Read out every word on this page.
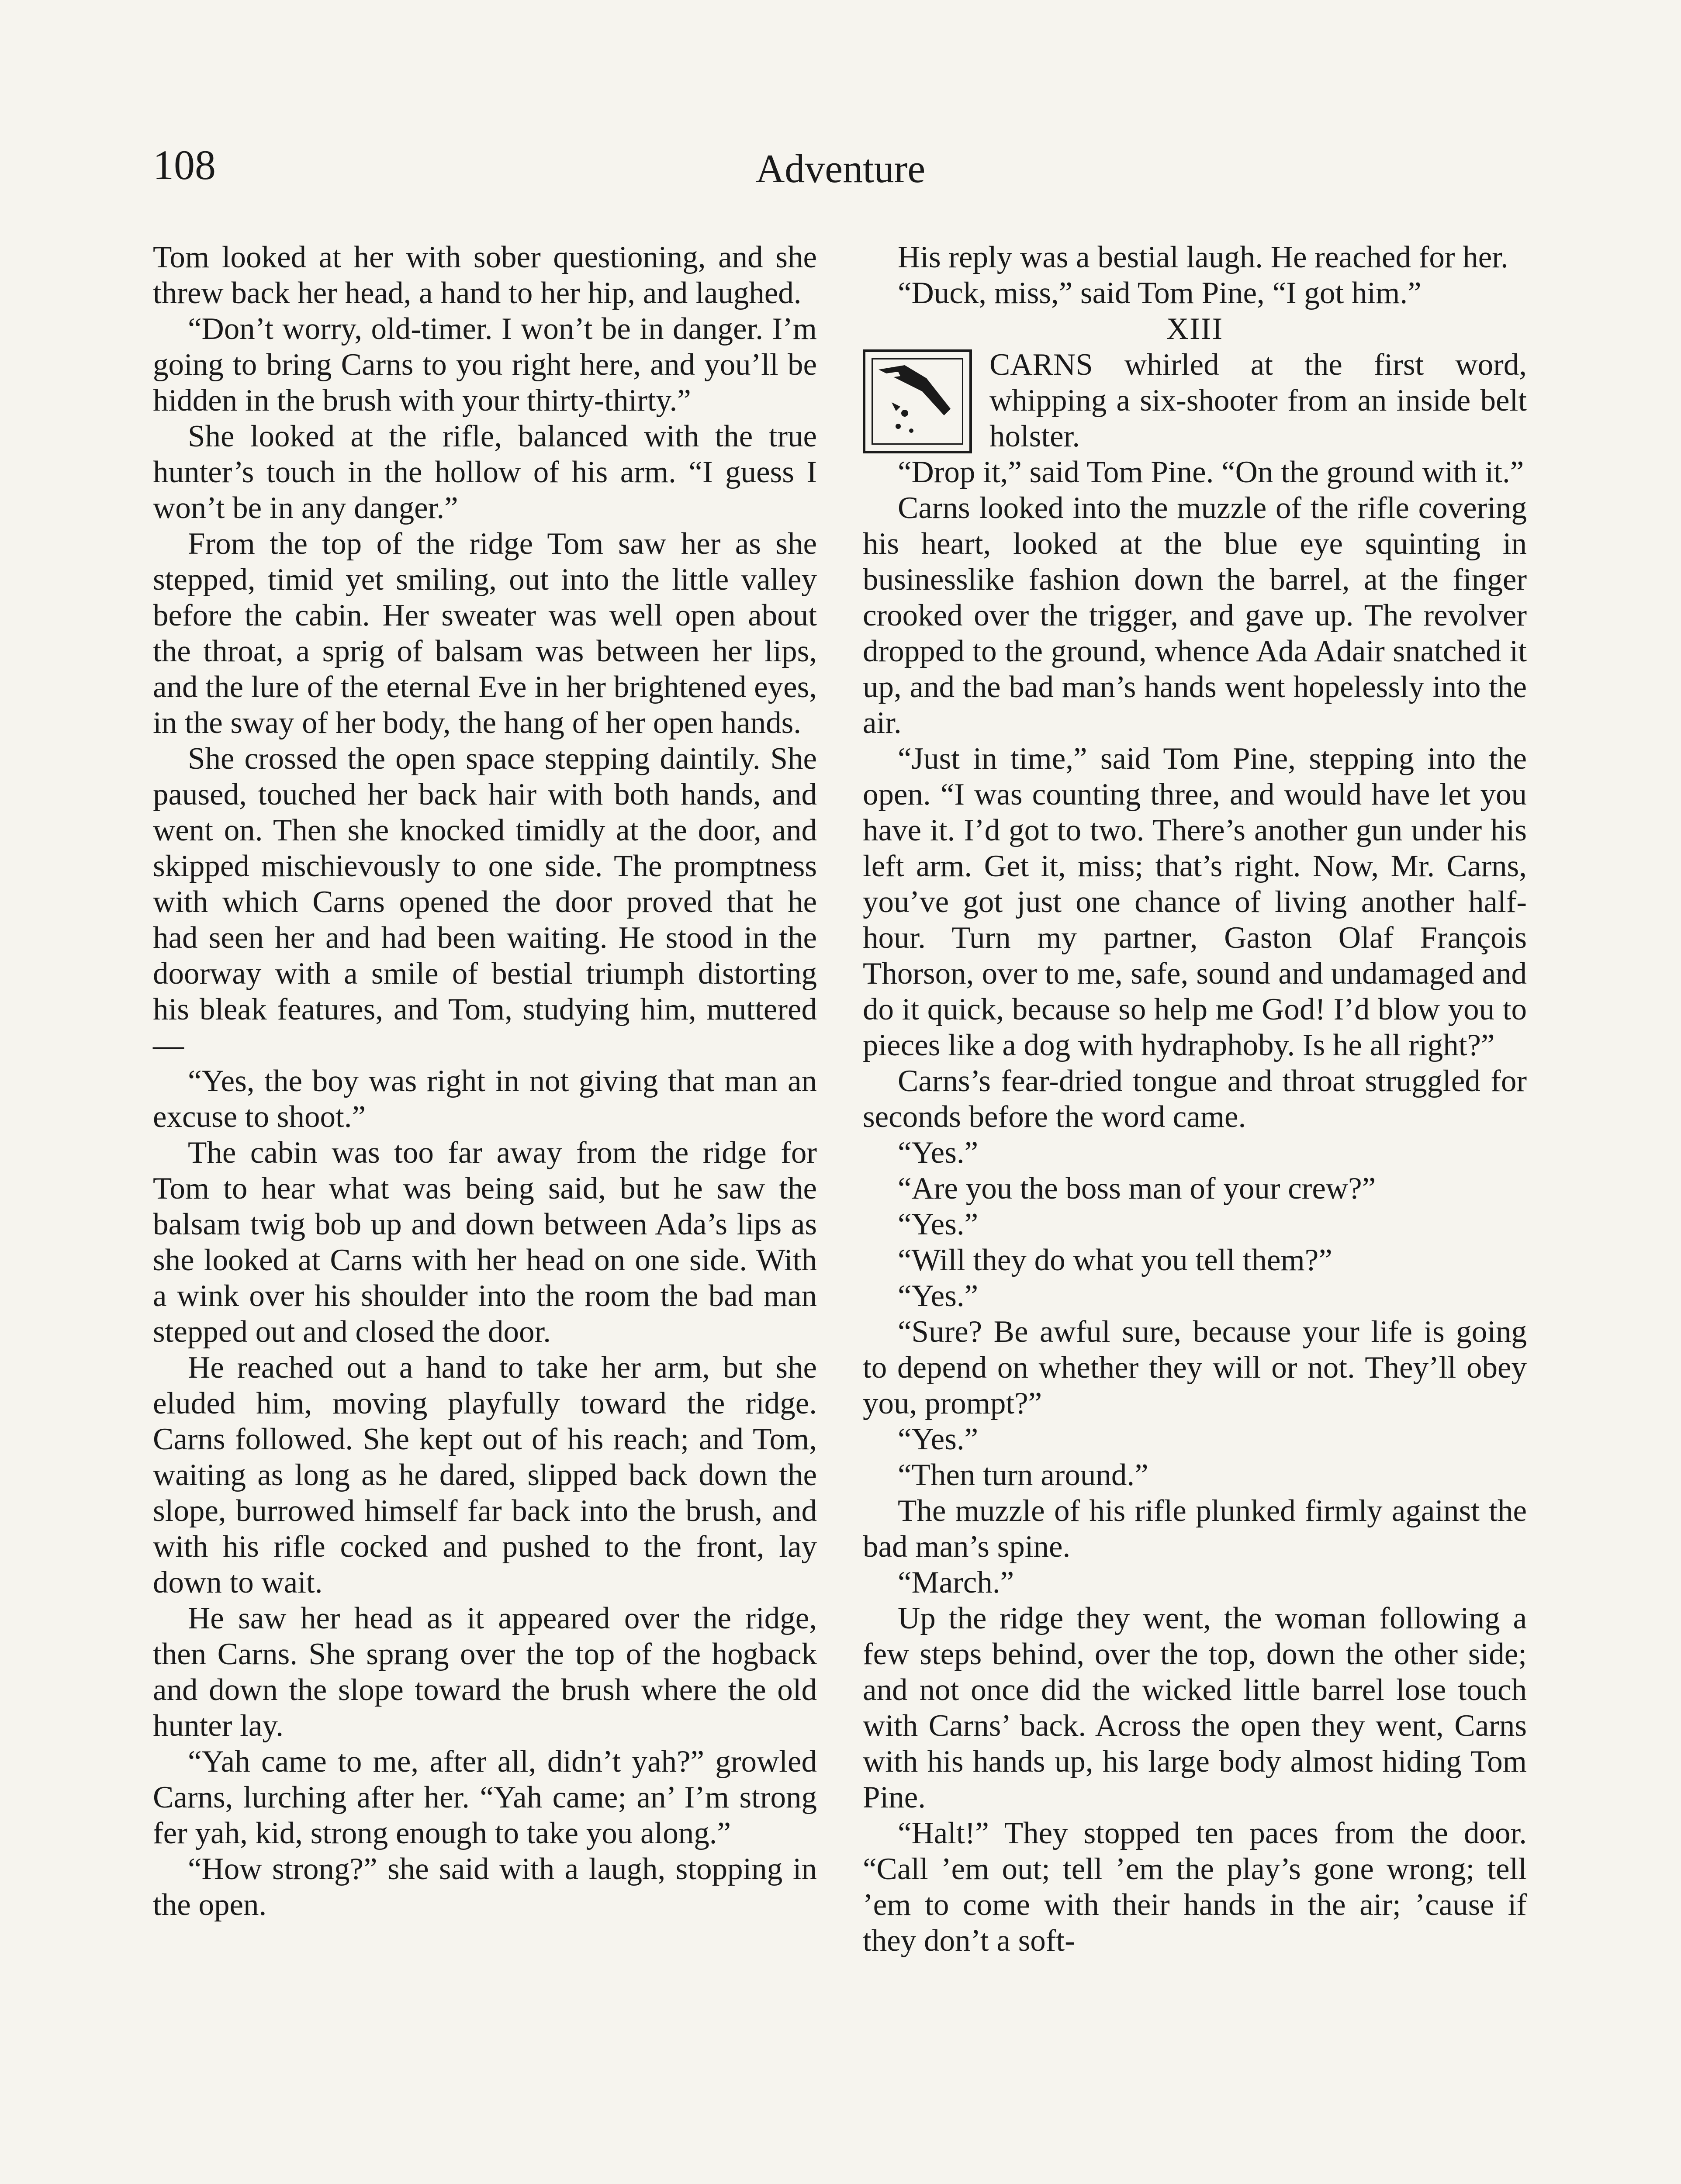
108	Adventure

Tom looked at her with sober questioning, and she threw back her head, a hand to her hip, and laughed.

“Don’t worry, old-timer. I won’t be in danger. I’m going to bring Carns to you right here, and you’ll be hidden in the brush with your thirty-thirty.”

She looked at the rifle, balanced with the true hunter’s touch in the hollow of his arm. “I guess I won’t be in any danger.”

From the top of the ridge Tom saw her as she stepped, timid yet smiling, out into the little valley before the cabin. Her sweater was well open about the throat, a sprig of balsam was between her lips, and the lure of the eternal Eve in her brightened eyes, in the sway of her body, the hang of her open hands.

She crossed the open space stepping daintily. She paused, touched her back hair with both hands, and went on. Then she knocked timidly at the door, and skipped mischievously to one side. The promptness with which Carns opened the door proved that he had seen her and had been waiting. He stood in the doorway with a smile of bestial triumph distorting his bleak features, and Tom, studying him, muttered—

“Yes, the boy was right in not giving that man an excuse to shoot.”

The cabin was too far away from the ridge for Tom to hear what was being said, but he saw the balsam twig bob up and down between Ada’s lips as she looked at Carns with her head on one side. With a wink over his shoulder into the room the bad man stepped out and closed the door.

He reached out a hand to take her arm, but she eluded him, moving playfully toward the ridge. Carns followed. She kept out of his reach; and Tom, waiting as long as he dared, slipped back down the slope, burrowed himself far back into the brush, and with his rifle cocked and pushed to the front, lay down to wait.

He saw her head as it appeared over the ridge, then Carns. She sprang over the top of the hogback and down the slope toward the brush where the old hunter lay.

“Yah came to me, after all, didn’t yah?” growled Carns, lurching after her. “Yah came; an’ I’m strong fer yah, kid, strong enough to take you along.”

“How strong?” she said with a laugh, stopping in the open.

His reply was a bestial laugh. He reached for her.

“Duck, miss,” said Tom Pine, “I got him.”

XIII
CARNS whirled at the first word, whipping a six-shooter from an inside belt holster.

“Drop it,” said Tom Pine. “On the ground with it.”

Carns looked into the muzzle of the rifle covering his heart, looked at the blue eye squinting in businesslike fashion down the barrel, at the finger crooked over the trigger, and gave up. The revolver dropped to the ground, whence Ada Adair snatched it up, and the bad man’s hands went hopelessly into the air.

“Just in time,” said Tom Pine, stepping into the open. “I was counting three, and would have let you have it. I’d got to two. There’s another gun under his left arm. Get it, miss; that’s right. Now, Mr. Carns, you’ve got just one chance of living another half-hour. Turn my partner, Gaston Olaf François Thorson, over to me, safe, sound and undamaged and do it quick, because so help me God! I’d blow you to pieces like a dog with hydraphoby. Is he all right?”

Carns’s fear-dried tongue and throat struggled for seconds before the word came.

“Yes.”

“Are you the boss man of your crew?”

“Yes.”

“Will they do what you tell them?”

“Yes.”

“Sure? Be awful sure, because your life is going to depend on whether they will or not. They’ll obey you, prompt?”

“Yes.”

“Then turn around.”

The muzzle of his rifle plunked firmly against the bad man’s spine.

“March.”

Up the ridge they went, the woman following a few steps behind, over the top, down the other side; and not once did the wicked little barrel lose touch with Carns’ back. Across the open they went, Carns with his hands up, his large body almost hiding Tom Pine.

“Halt!” They stopped ten paces from the door. “Call ’em out; tell ’em the play’s gone wrong; tell ’em to come with their hands in the air; ’cause if they don’t a soft-
